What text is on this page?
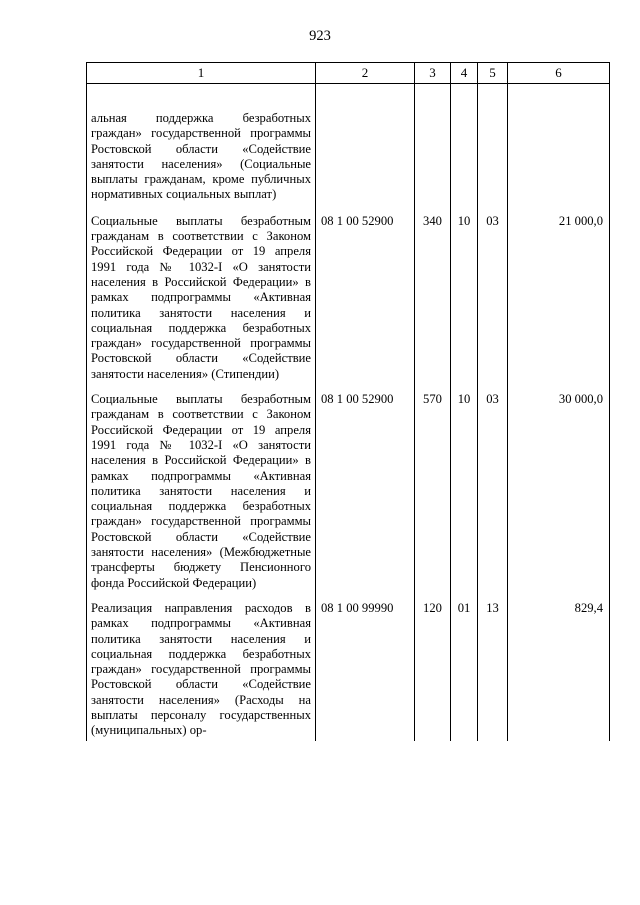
923
1	2	3	4	5	6
альная поддержка безработных граждан» государственной программы Ростовской области «Содействие занятости населения» (Социальные выплаты гражданам, кроме публичных нормативных социальных выплат)					
Социальные выплаты безработным гражданам в соответствии с Законом Российской Федерации от 19 апреля 1991 года № 1032-I «О занятости населения в Российской Федерации» в рамках подпрограммы «Активная политика занятости населения и социальная поддержка безработных граждан» государственной программы Ростовской области «Содействие занятости населения» (Стипендии)	08 1 00 52900	340	10	03	21 000,0
Социальные выплаты безработным гражданам в соответствии с Законом Российской Федерации от 19 апреля 1991 года № 1032-I «О занятости населения в Российской Федерации» в рамках подпрограммы «Активная политика занятости населения и социальная поддержка безработных граждан» государственной программы Ростовской области «Содействие занятости населения» (Межбюджетные трансферты бюджету Пенсионного фонда Российской Федерации)	08 1 00 52900	570	10	03	30 000,0
Реализация направления расходов в рамках подпрограммы «Активная политика занятости населения и социальная поддержка безработных граждан» государственной программы Ростовской области «Содействие занятости населения» (Расходы на выплаты персоналу государственных (муниципальных) ор-	08 1 00 99990	120	01	13	829,4
